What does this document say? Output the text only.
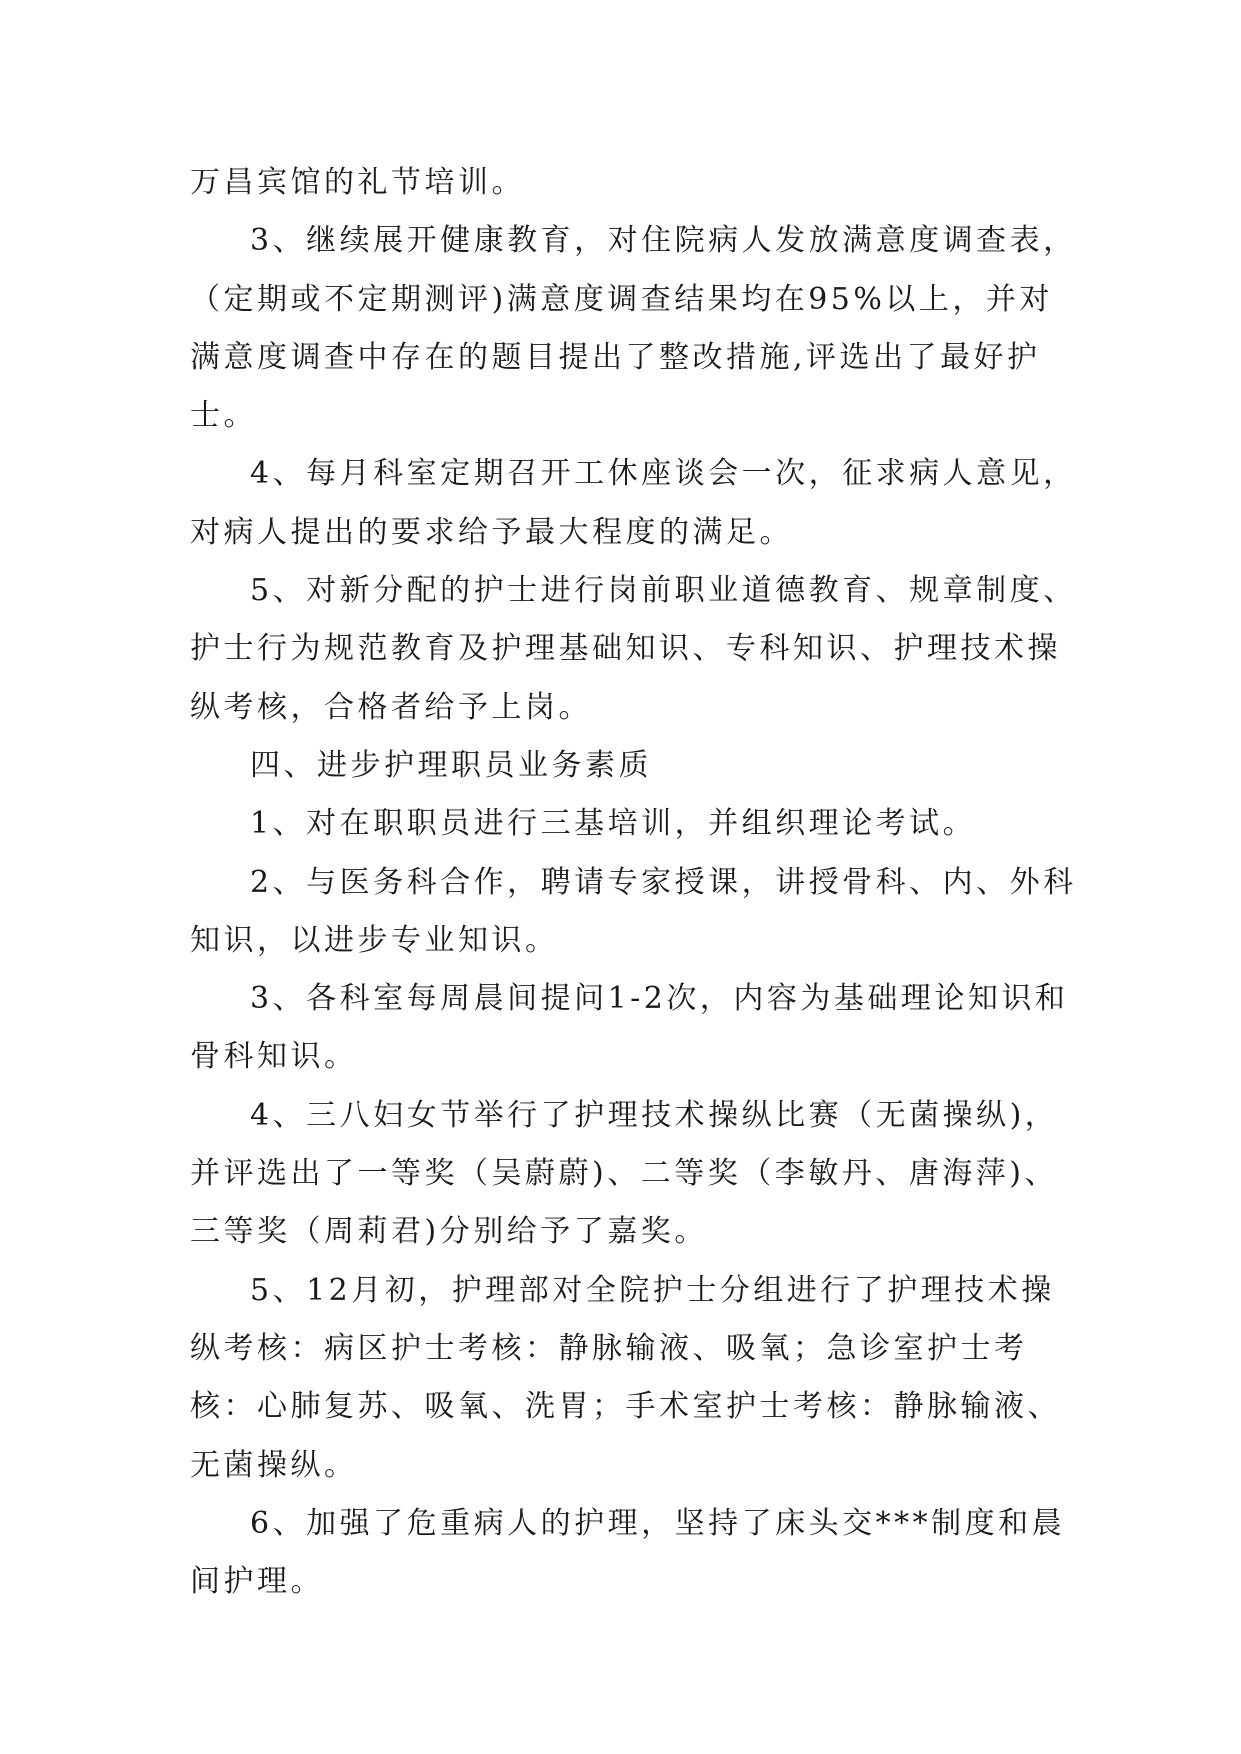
万昌宾馆的礼节培训。

3、继续展开健康教育，对住院病人发放满意度调查表，（定期或不定期测评)满意度调查结果均在95%以上，并对满意度调查中存在的题目提出了整改措施,评选出了最好护士。

4、每月科室定期召开工休座谈会一次，征求病人意见，对病人提出的要求给予最大程度的满足。

5、对新分配的护士进行岗前职业道德教育、规章制度、护士行为规范教育及护理基础知识、专科知识、护理技术操纵考核，合格者给予上岗。

四、进步护理职员业务素质

1、对在职职员进行三基培训，并组织理论考试。

2、与医务科合作，聘请专家授课，讲授骨科、内、外科知识，以进步专业知识。

3、各科室每周晨间提问1-2次，内容为基础理论知识和骨科知识。

4、三八妇女节举行了护理技术操纵比赛（无菌操纵)，并评选出了一等奖（吴蔚蔚)、二等奖（李敏丹、唐海萍)、三等奖（周莉君)分别给予了嘉奖。

5、12月初，护理部对全院护士分组进行了护理技术操纵考核：病区护士考核：静脉输液、吸氧；急诊室护士考核：心肺复苏、吸氧、洗胃；手术室护士考核：静脉输液、无菌操纵。

6、加强了危重病人的护理，坚持了床头交***制度和晨间护理。
